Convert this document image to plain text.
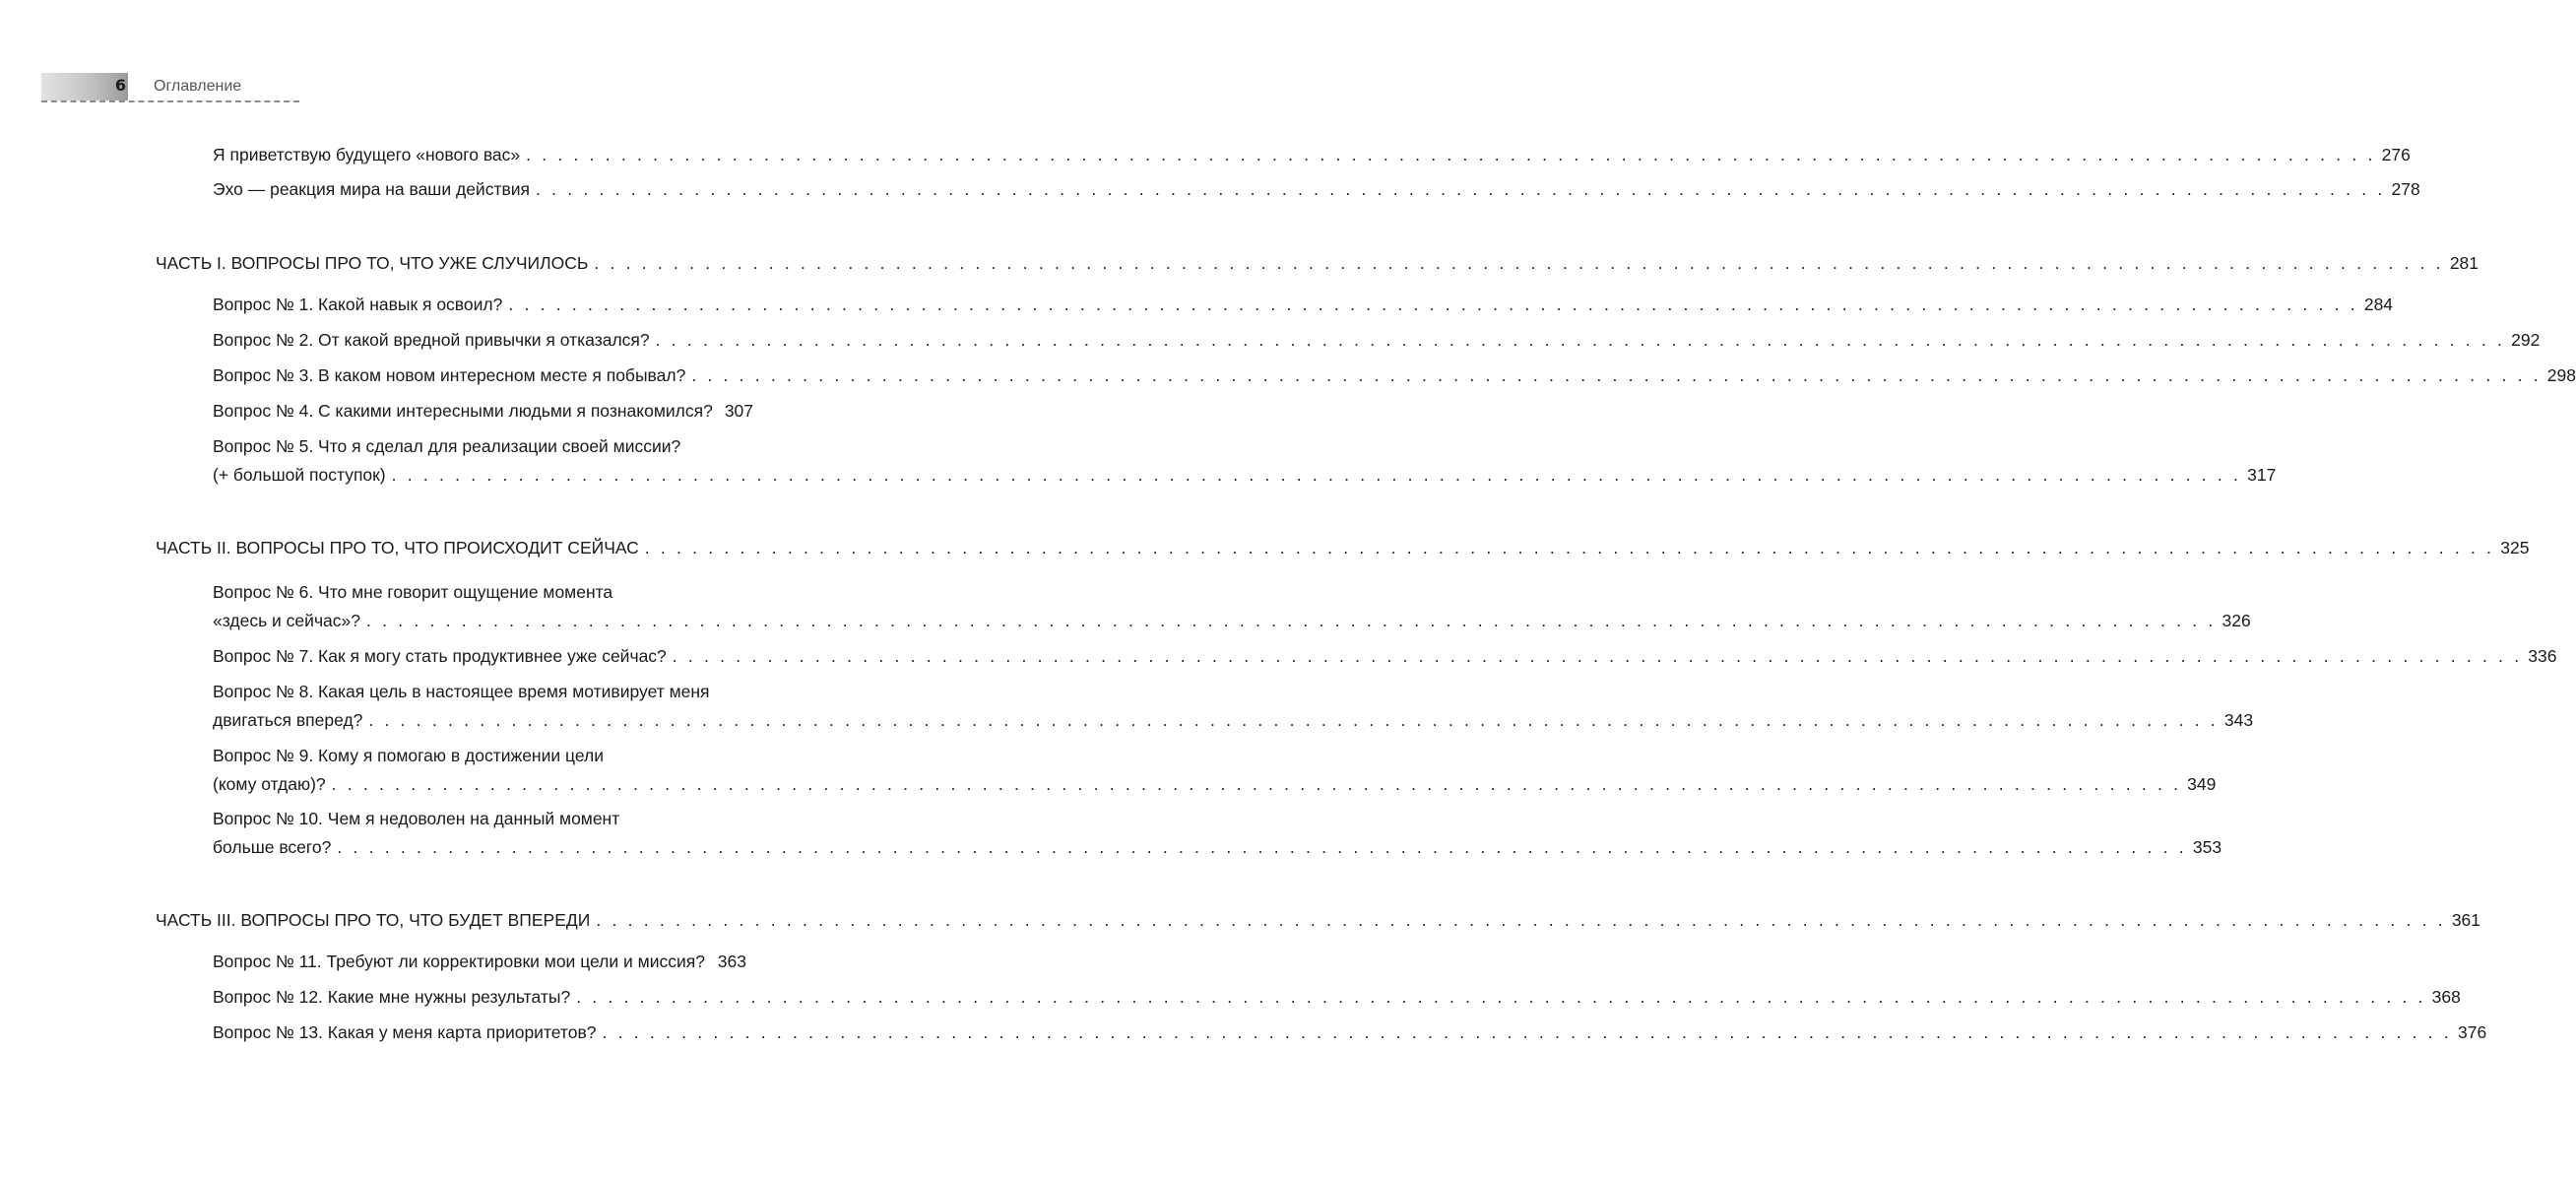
6 Оглавление
Я приветствую будущего «нового вас» . . .	276
Эхо — реакция мира на ваши действия . . .	278
ЧАСТЬ I. ВОПРОСЫ ПРО ТО, ЧТО УЖЕ СЛУЧИЛОСЬ . . .	281
Вопрос № 1. Какой навык я освоил? . . .	284
Вопрос № 2. От какой вредной привычки я отказался? . . .	292
Вопрос № 3. В каком новом интересном месте я побывал? . . .	298
Вопрос № 4. С какими интересными людьми я познакомился? 307
Вопрос № 5. Что я сделал для реализации своей миссии?
(+ большой поступок) . . .	317
ЧАСТЬ II. ВОПРОСЫ ПРО ТО, ЧТО ПРОИСХОДИТ СЕЙЧАС . . .	325
Вопрос № 6. Что мне говорит ощущение момента
«здесь и сейчас»? . . .	326
Вопрос № 7. Как я могу стать продуктивнее уже сейчас? . . .	336
Вопрос № 8. Какая цель в настоящее время мотивирует меня
двигаться вперед? . . .	343
Вопрос № 9. Кому я помогаю в достижении цели
(кому отдаю)? . . .	349
Вопрос № 10. Чем я недоволен на данный момент
больше всего? . . .	353
ЧАСТЬ III. ВОПРОСЫ ПРО ТО, ЧТО БУДЕТ ВПЕРЕДИ . . .	361
Вопрос № 11. Требуют ли корректировки мои цели и миссия? . . . 363
Вопрос № 12. Какие мне нужны результаты? . . .	368
Вопрос № 13. Какая у меня карта приоритетов? . . .	376
